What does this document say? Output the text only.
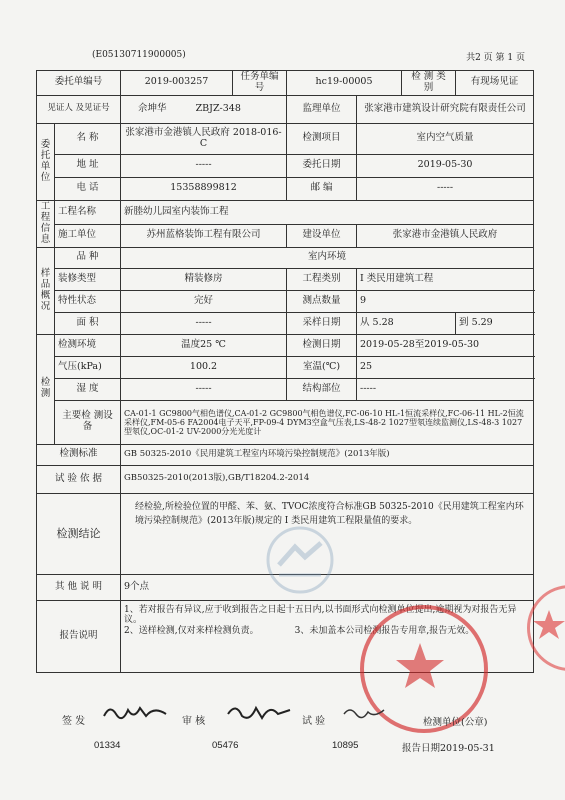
(E05130711900005)	共2 页 第 1 页
委托单编号		2019-003257	任务单编号	hc19-00005		检 测 类 别	有现场见证
见证人 及见证号		佘坤华 ZBJZ-348		监理单位	张家港市建筑设计研究院有限责任公司		
委 托 单 位	名 称	张家港市金港镇人民政府 2018-016-C		检测项目	室内空气质量		
	地 址	-----		委托日期	2019-05-30		
	电 话	15358899812		邮 编	-----		
工 程 信 息	工程名称	新塍幼儿园室内装饰工程					
	施工单位	苏州蓝格装饰工程有限公司		建设单位	张家港市金港镇人民政府		
样 品 概 况	品 种	室内环境					
	装修类型	精装修房		工程类别	I 类民用建筑工程		
	特性状态	完好		测点数量	9		
	面 积	-----		采样日期	从 5.28		到 5.29
检 测	检测环境	温度25 ℃		检测日期	2019-05-28至2019-05-30		
	气压(kPa)	100.2		室温(℃)	25		
	湿 度	-----		结构部位	-----		
	主要检 测设备	CA-01-1 GC9800气相色谱仪,CA-01-2 GC9800气相色谱仪,FC-06-10 HL-1恒流采样仪,FC-06-11 HL-2恒流采样仪,FM-05-6 FA2004电子天平,FP-09-4 DYM3空盒气压表,LS-48-2 1027型氡连续监测仪,LS-48-3 1027型氡仪,OC-01-2 UV-2000分光光度计					
检测标准		GB 50325-2010《民用建筑工程室内环境污染控制规范》(2013年版)					
试 验 依 据		GB50325-2010(2013版),GB/T18204.2-2014					
检测结论		经检验,所检验位置的甲醛、苯、氨、TVOC浓度符合标准GB 50325-2010《民用建筑工程室内环境污染控制规范》(2013年版)规定的 I 类民用建筑工程限量值的要求。					
其 他 说 明		9个点					
报告说明		1、若对报告有异议,应于收到报告之日起十五日内,以书面形式向检测单位提出,逾期视为对报告无异议。
2、送样检测,仅对来样检测负责。 3、未加盖本公司检测报告专用章,报告无效。					
签 发	审 核	试 验	检测单位(公章)
01334	05476	10895	报告日期2019-05-31
